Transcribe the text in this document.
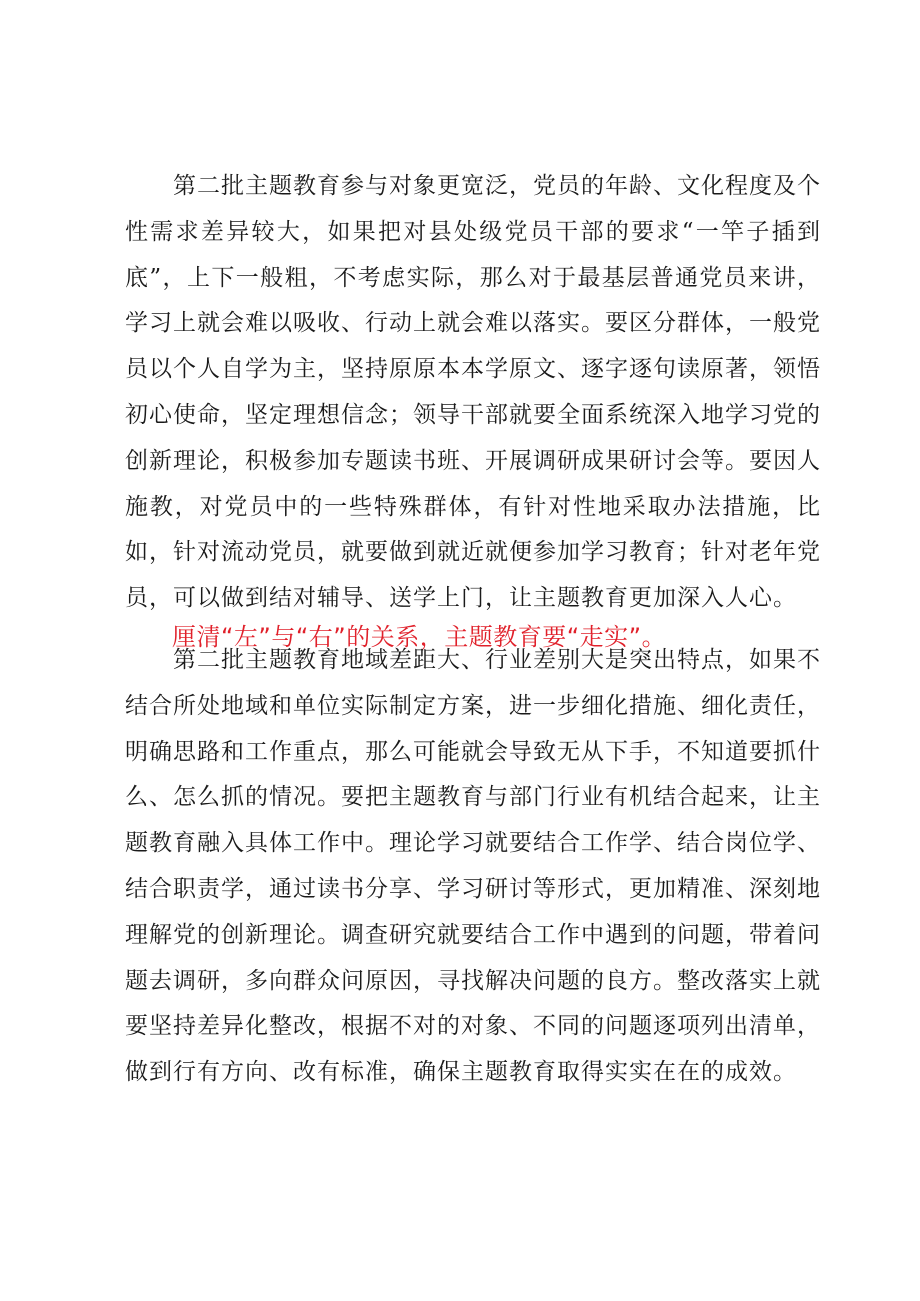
第二批主题教育参与对象更宽泛，党员的年龄、文化程度及个性需求差异较大，如果把对县处级党员干部的要求“一竿子插到底”，上下一般粗，不考虑实际，那么对于最基层普通党员来讲，学习上就会难以吸收、行动上就会难以落实。要区分群体，一般党员以个人自学为主，坚持原原本本学原文、逐字逐句读原著，领悟初心使命，坚定理想信念；领导干部就要全面系统深入地学习党的创新理论，积极参加专题读书班、开展调研成果研讨会等。要因人施教，对党员中的一些特殊群体，有针对性地采取办法措施，比如，针对流动党员，就要做到就近就便参加学习教育；针对老年党员，可以做到结对辅导、送学上门，让主题教育更加深入人心。
厘清“左”与“右”的关系，主题教育要“走实”。
第二批主题教育地域差距大、行业差别大是突出特点，如果不结合所处地域和单位实际制定方案，进一步细化措施、细化责任，明确思路和工作重点，那么可能就会导致无从下手，不知道要抓什么、怎么抓的情况。要把主题教育与部门行业有机结合起来，让主题教育融入具体工作中。理论学习就要结合工作学、结合岗位学、结合职责学，通过读书分享、学习研讨等形式，更加精准、深刻地理解党的创新理论。调查研究就要结合工作中遇到的问题，带着问题去调研，多向群众问原因，寻找解决问题的良方。整改落实上就要坚持差异化整改，根据不对的对象、不同的问题逐项列出清单，做到行有方向、改有标准，确保主题教育取得实实在在的成效。
